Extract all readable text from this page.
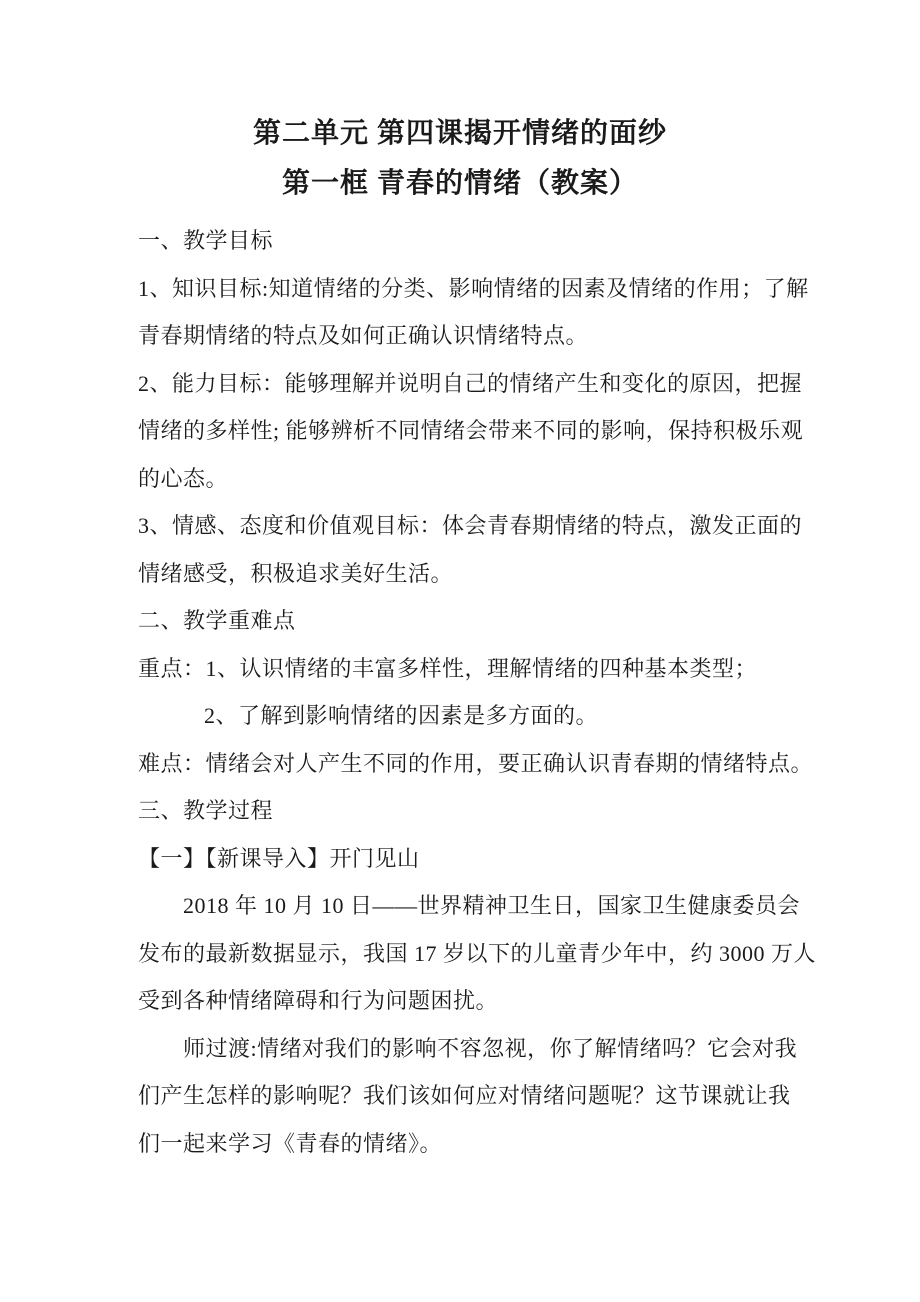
第二单元 第四课揭开情绪的面纱
第一框 青春的情绪（教案）
一、教学目标
1、知识目标:知道情绪的分类、影响情绪的因素及情绪的作用；了解
青春期情绪的特点及如何正确认识情绪特点。
2、能力目标：能够理解并说明自己的情绪产生和变化的原因，把握
情绪的多样性; 能够辨析不同情绪会带来不同的影响，保持积极乐观
的心态。
3、情感、态度和价值观目标：体会青春期情绪的特点，激发正面的
情绪感受，积极追求美好生活。
二、教学重难点
重点：1、认识情绪的丰富多样性，理解情绪的四种基本类型；
2、了解到影响情绪的因素是多方面的。
难点：情绪会对人产生不同的作用，要正确认识青春期的情绪特点。
三、教学过程
【一】【新课导入】开门见山
2018 年 10 月 10 日——世界精神卫生日，国家卫生健康委员会
发布的最新数据显示，我国 17 岁以下的儿童青少年中，约 3000 万人
受到各种情绪障碍和行为问题困扰。
师过渡:情绪对我们的影响不容忽视，你了解情绪吗？它会对我
们产生怎样的影响呢？我们该如何应对情绪问题呢？这节课就让我
们一起来学习《青春的情绪》。
